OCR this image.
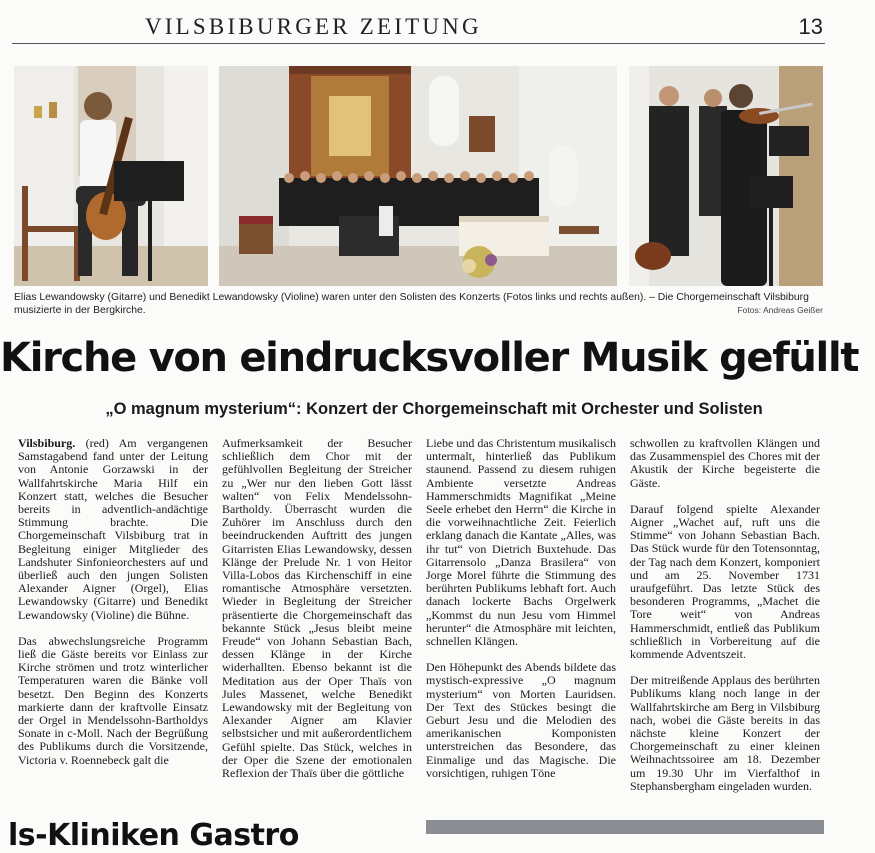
VILSBIBURGER ZEITUNG	13
Elias Lewandowsky (Gitarre) und Benedikt Lewandowsky (Violine) waren unter den Solisten des Konzerts (Fotos links und rechts außen). – Die Chorgemeinschaft Vilsbiburg musizierte in der Bergkirche.	Fotos: Andreas Geißer
Kirche von eindrucksvoller Musik gefüllt
„O magnum mysterium“: Konzert der Chorgemeinschaft mit Orchester und Solisten

Vilsbiburg. (red) Am vergangenen Samstagabend fand unter der Leitung von Antonie Gorzawski in der Wallfahrtskirche Maria Hilf ein Konzert statt, welches die Besucher bereits in adventlich-andächtige Stimmung brachte. Die Chorgemeinschaft Vilsbiburg trat in Begleitung einiger Mitglieder des Landshuter Sinfonieorchesters auf und überließ auch den jungen Solisten Alexander Aigner (Orgel), Elias Lewandowsky (Gitarre) und Benedikt Lewandowsky (Violine) die Bühne.

Das abwechslungsreiche Programm ließ die Gäste bereits vor Einlass zur Kirche strömen und trotz winterlicher Temperaturen waren die Bänke voll besetzt. Den Beginn des Konzerts markierte dann der kraftvolle Einsatz der Orgel in Mendelssohn-Bartholdys Sonate in c-Moll. Nach der Begrüßung des Publikums durch die Vorsitzende, Victoria v. Roennebeck galt die

Aufmerksamkeit der Besucher schließlich dem Chor mit der gefühlvollen Begleitung der Streicher zu „Wer nur den lieben Gott lässt walten“ von Felix Mendelssohn-Bartholdy. Überrascht wurden die Zuhörer im Anschluss durch den beeindruckenden Auftritt des jungen Gitarristen Elias Lewandowsky, dessen Klänge der Prelude Nr. 1 von Heitor Villa-Lobos das Kirchenschiff in eine romantische Atmosphäre versetzten. Wieder in Begleitung der Streicher präsentierte die Chorgemeinschaft das bekannte Stück „Jesus bleibt meine Freude“ von Johann Sebastian Bach, dessen Klänge in der Kirche widerhallten. Ebenso bekannt ist die Meditation aus der Oper Thaïs von Jules Massenet, welche Benedikt Lewandowsky mit der Begleitung von Alexander Aigner am Klavier selbstsicher und mit außerordentlichem Gefühl spielte. Das Stück, welches in der Oper die Szene der emotionalen Reflexion der Thaïs über die göttliche

Liebe und das Christentum musikalisch untermalt, hinterließ das Publikum staunend. Passend zu diesem ruhigen Ambiente versetzte Andreas Hammerschmidts Magnifikat „Meine Seele erhebet den Herrn“ die Kirche in die vorweihnachtliche Zeit. Feierlich erklang danach die Kantate „Alles, was ihr tut“ von Dietrich Buxtehude. Das Gitarrensolo „Danza Brasilera“ von Jorge Morel führte die Stimmung des berührten Publikums lebhaft fort. Auch danach lockerte Bachs Orgelwerk „Kommst du nun Jesu vom Himmel herunter“ die Atmosphäre mit leichten, schnellen Klängen.

Den Höhepunkt des Abends bildete das mystisch-expressive „O magnum mysterium“ von Morten Lauridsen. Der Text des Stückes besingt die Geburt Jesu und die Melodien des amerikanischen Komponisten unterstreichen das Besondere, das Einmalige und das Magische. Die vorsichtigen, ruhigen Töne

schwollen zu kraftvollen Klängen und das Zusammenspiel des Chores mit der Akustik der Kirche begeisterte die Gäste.

Darauf folgend spielte Alexander Aigner „Wachet auf, ruft uns die Stimme“ von Johann Sebastian Bach. Das Stück wurde für den Totensonntag, der Tag nach dem Konzert, komponiert und am 25. November 1731 uraufgeführt. Das letzte Stück des besonderen Programms, „Machet die Tore weit“ von Andreas Hammerschmidt, entließ das Publikum schließlich in Vorbereitung auf die kommende Adventszeit.

Der mitreißende Applaus des berührten Publikums klang noch lange in der Wallfahrtskirche am Berg in Vilsbiburg nach, wobei die Gäste bereits in das nächste kleine Konzert der Chorgemeinschaft zu einer kleinen Weihnachtssoiree am 18. Dezember um 19.30 Uhr im Vierfalthof in Stephansbergham eingeladen wurden.

ls-Kliniken Gastro
